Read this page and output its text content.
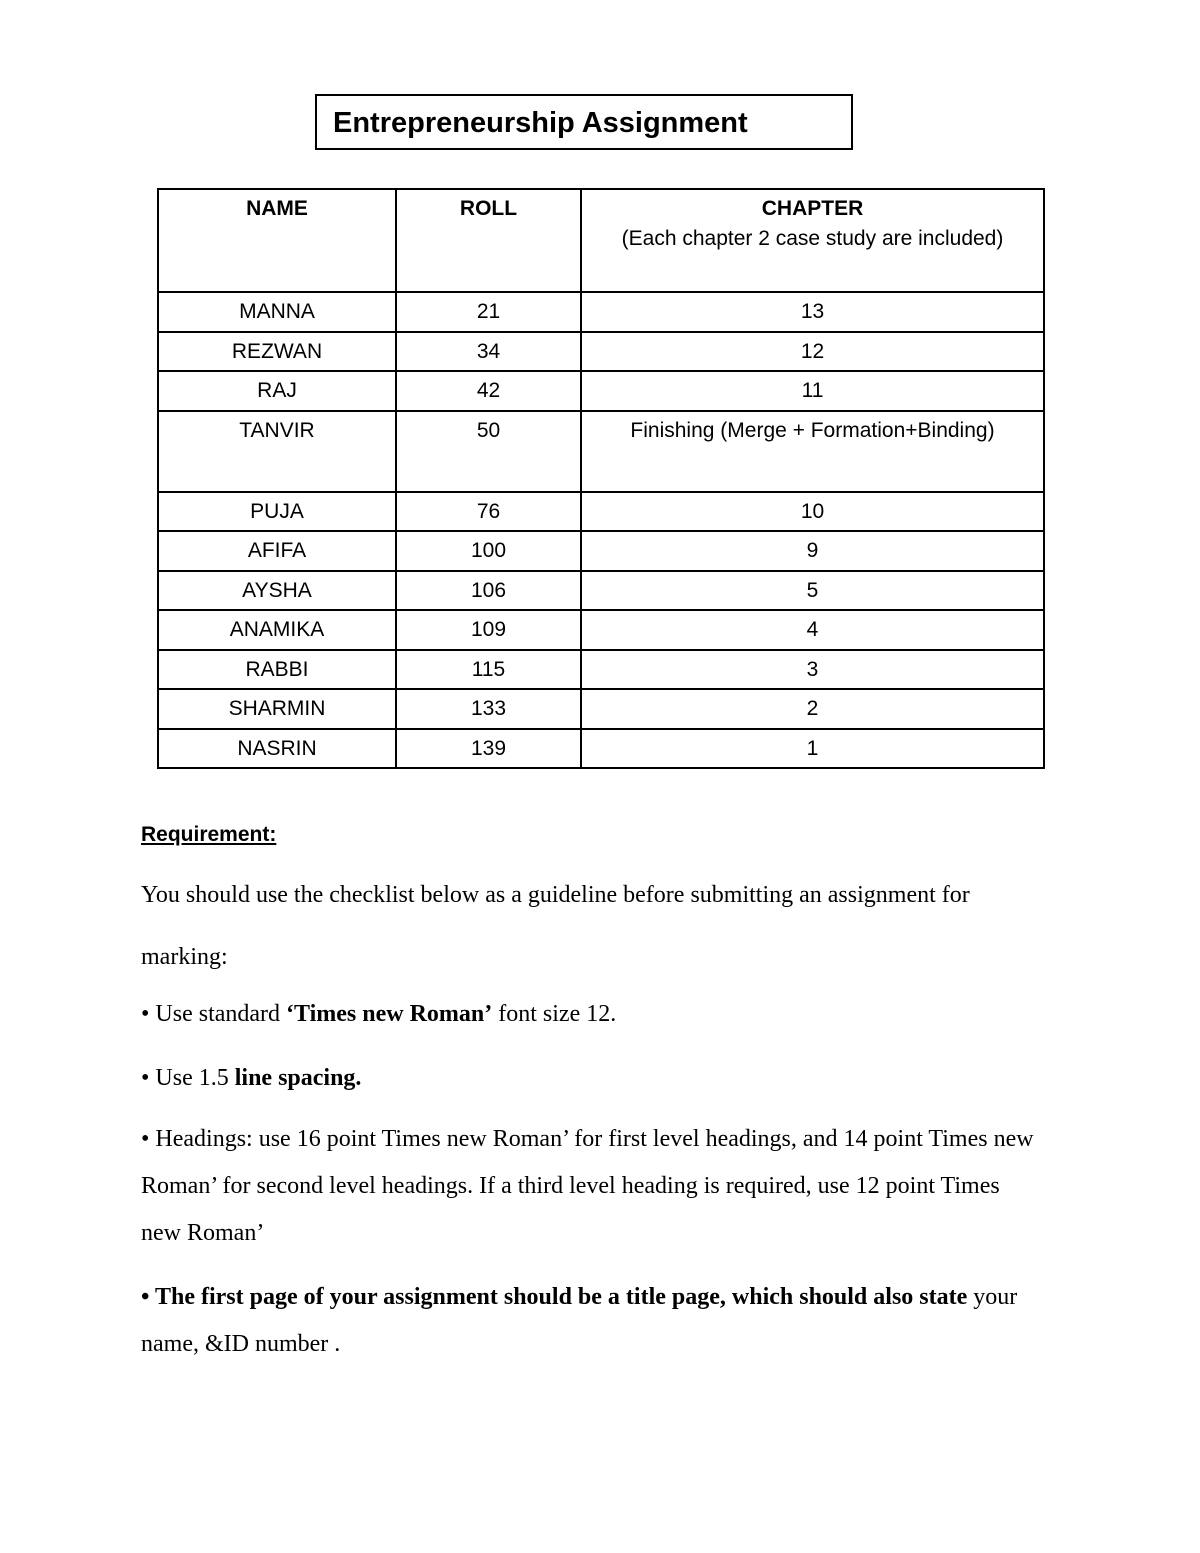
Entrepreneurship Assignment
NAME	ROLL	CHAPTER
(Each chapter 2 case study are included)

MANNA	21	13
REZWAN	34	12
RAJ	42	11
TANVIR	50	Finishing (Merge + Formation+Binding)
PUJA	76	10
AFIFA	100	9
AYSHA	106	5
ANAMIKA	109	4
RABBI	115	3
SHARMIN	133	2
NASRIN	139	1
Requirement:

You should use the checklist below as a guideline before submitting an assignment for marking:

• Use standard ‘Times new Roman’ font size 12.

• Use 1.5 line spacing.

• Headings: use 16 point Times new Roman’ for first level headings, and 14 point Times new Roman’ for second level headings. If a third level heading is required, use 12 point Times new Roman’

• The first page of your assignment should be a title page, which should also state your name, &ID number .
